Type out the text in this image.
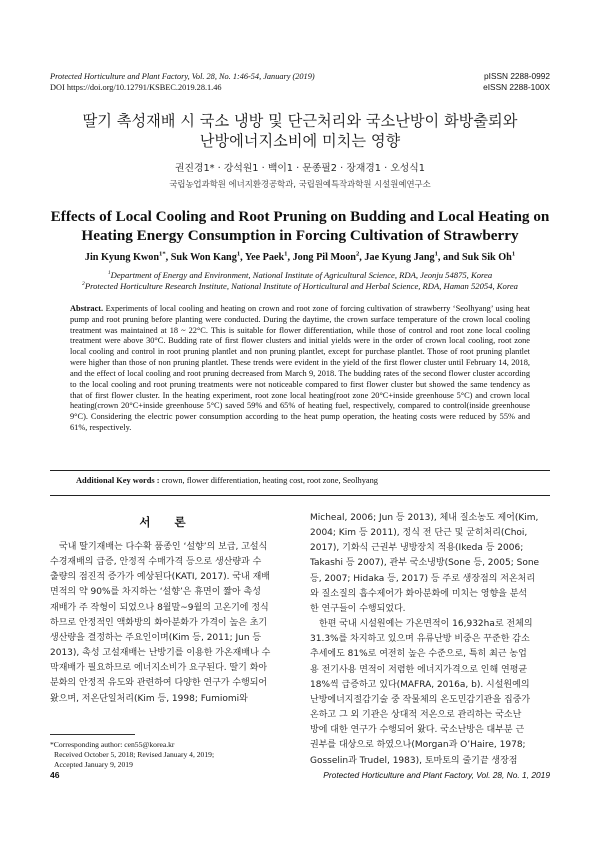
Protected Horticulture and Plant Factory, Vol. 28, No. 1:46-54, January (2019)
DOI https://doi.org/10.12791/KSBEC.2019.28.1.46
pISSN 2288-0992
eISSN 2288-100X
딸기 촉성재배 시 국소 냉방 및 단근처리와 국소난방이 화방출뢰와
난방에너지소비에 미치는 영향
권진경1* · 강석원1 · 백이1 · 문종필2 · 장재경1 · 오성식1
국립농업과학원 에너지환경공학과, 국립원예특작과학원 시설원예연구소
Effects of Local Cooling and Root Pruning on Budding and Local Heating on
Heating Energy Consumption in Forcing Cultivation of Strawberry
Jin Kyung Kwon$^{1*}$, Suk Won Kang$^1$, Yee Paek$^1$, Jong Pil Moon$^2$, Jae Kyung Jang$^1$, and Suk Sik Oh$^1$
$^1$Department of Energy and Environment, National Institute of Agricultural Science, RDA, Jeonju 54875, Korea
$^2$Protected Horticulture Research Institute, National Institute of Horticultural and Herbal Science, RDA, Haman 52054, Korea
Abstract. Experiments of local cooling and heating on crown and root zone of forcing cultivation of strawberry ‘Seolhyang’ using heat pump and root pruning before planting were conducted. During the daytime, the crown surface temperature of the crown local cooling treatment was maintained at 18 ~ 22°C. This is suitable for flower differentiation, while those of control and root zone local cooling treatment were above 30°C. Budding rate of first flower clusters and initial yields were in the order of crown local cooling, root zone local cooling and control in root pruning plantlet and non pruning plantlet, except for purchase plantlet. Those of root pruning plantlet were higher than those of non pruning plantlet. These trends were evident in the yield of the first flower cluster until February 14, 2018, and the effect of local cooling and root pruning decreased from March 9, 2018. The budding rates of the second flower cluster according to the local cooling and root pruning treatments were not noticeable compared to first flower cluster but showed the same tendency as that of first flower cluster. In the heating experiment, root zone local heating(root zone 20°C+inside greenhouse 5°C) and crown local heating(crown 20°C+inside greenhouse 5°C) saved 59% and 65% of heating fuel, respectively, compared to control(inside greenhouse 9°C). Considering the electric power consumption according to the heat pump operation, the heating costs were reduced by 55% and 61%, respectively.
Additional Key words : crown, flower differentiation, heating cost, root zone, Seolhyang
서 론
국내 딸기재배는 다수확 품종인 ‘설향’의 보급, 고설식
수경재배의 급증, 안정적 수매가격 등으로 생산량과 수
출량의 점진적 증가가 예상된다(KATI, 2017). 국내 재배
면적의 약 90%를 차지하는 ‘설향’은 휴면이 짧아 촉성
재배가 주 작형이 되었으나 8월말~9월의 고온기에 정식
하므로 안정적인 액화방의 화아분화가 가격이 높은 초기
생산량을 결정하는 주요인이며(Kim 등, 2011; Jun 등
2013), 촉성 고설재배는 난방기를 이용한 가온재배나 수
막재배가 필요하므로 에너지소비가 요구된다. 딸기 화아
분화의 안정적 유도와 관련하여 다양한 연구가 수행되어
왔으며, 저온단일처리(Kim 등, 1998; Fumiomi와
Micheal, 2006; Jun 등 2013), 체내 질소농도 제어(Kim,
2004; Kim 등 2011), 정식 전 단근 및 굳히처리(Choi,
2017), 기화식 근권부 냉방장치 적용(Ikeda 등 2006;
Takashi 등 2007), 관부 국소냉방(Sone 등, 2005; Sone
등, 2007; Hidaka 등, 2017) 등 주로 생장점의 저온처리
와 질소질의 흡수제어가 화아분화에 미치는 영향을 분석
한 연구들이 수행되었다.
한편 국내 시설원예는 가온면적이 16,932ha로 전체의
31.3%를 차지하고 있으며 유류난방 비중은 꾸준한 감소
추세에도 81%로 여전히 높은 수준으로, 특히 최근 농업
용 전기사용 면적이 저렴한 에너지가격으로 인해 연평균
18%씩 급증하고 있다(MAFRA, 2016a, b). 시설원예의
난방에너지절감기술 중 작물체의 온도민감기관을 집중가
온하고 그 외 기관은 상대적 저온으로 관리하는 국소난
방에 대한 연구가 수행되어 왔다. 국소난방은 대부분 근
권부를 대상으로 하였으나(Morgan과 O’Haire, 1978;
Gosselin과 Trudel, 1983), 토마토의 줄기끝 생장점
*Corresponding author: cen55@korea.kr
Received October 5, 2018; Revised January 4, 2019;
Accepted January 9, 2019
46	Protected Horticulture and Plant Factory, Vol. 28, No. 1, 2019
